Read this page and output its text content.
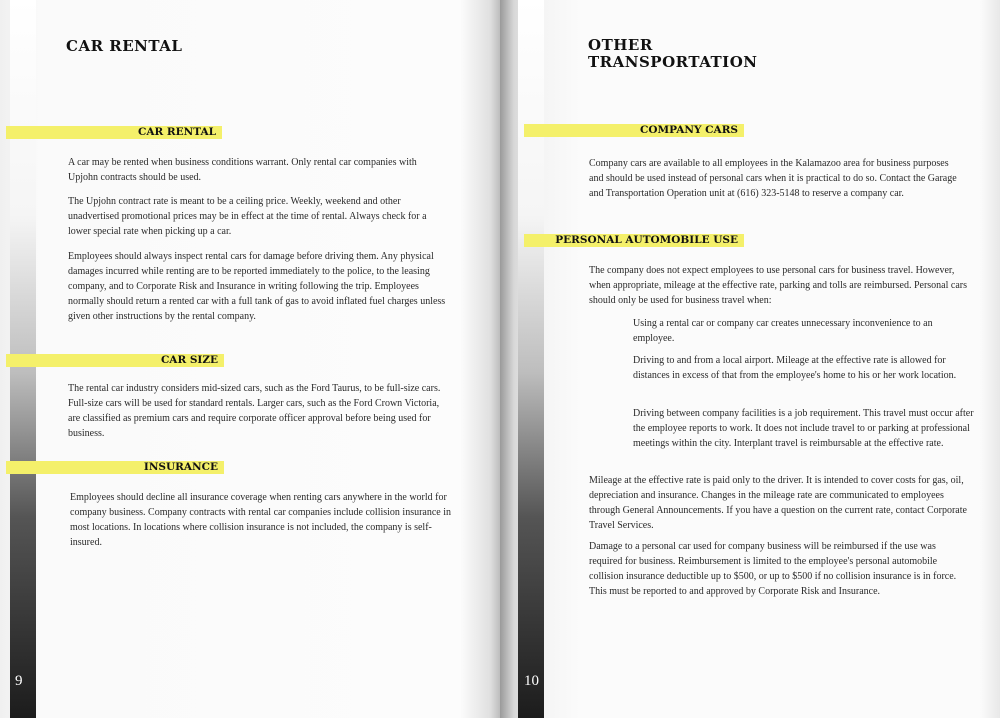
9
CAR RENTAL
CAR RENTAL

A car may be rented when business conditions warrant. Only rental car companies with Upjohn contracts should be used.

The Upjohn contract rate is meant to be a ceiling price. Weekly, weekend and other unadvertised promotional prices may be in effect at the time of rental. Always check for a lower special rate when picking up a car.

Employees should always inspect rental cars for damage before driving them. Any physical damages incurred while renting are to be reported immediately to the police, to the leasing company, and to Corporate Risk and Insurance in writing following the trip. Employees normally should return a rented car with a full tank of gas to avoid inflated fuel charges unless given other instructions by the rental company.

CAR SIZE

The rental car industry considers mid-sized cars, such as the Ford Taurus, to be full-size cars. Full-size cars will be used for standard rentals. Larger cars, such as the Ford Crown Victoria, are classified as premium cars and require corporate officer approval before being used for business.

INSURANCE

Employees should decline all insurance coverage when renting cars anywhere in the world for company business. Company contracts with rental car companies include collision insurance in most locations. In locations where collision insurance is not included, the company is self-insured.

10
OTHER
TRANSPORTATION
COMPANY CARS

Company cars are available to all employees in the Kalamazoo area for business purposes and should be used instead of personal cars when it is practical to do so. Contact the Garage and Transportation Operation unit at (616) 323-5148 to reserve a company car.

PERSONAL AUTOMOBILE USE

The company does not expect employees to use personal cars for business travel. However, when appropriate, mileage at the effective rate, parking and tolls are reimbursed. Personal cars should only be used for business travel when:

Using a rental car or company car creates unnecessary inconvenience to an employee.

Driving to and from a local airport. Mileage at the effective rate is allowed for distances in excess of that from the employee's home to his or her work location.

Driving between company facilities is a job requirement. This travel must occur after the employee reports to work. It does not include travel to or parking at professional meetings within the city. Interplant travel is reimbursable at the effective rate.

Mileage at the effective rate is paid only to the driver. It is intended to cover costs for gas, oil, depreciation and insurance. Changes in the mileage rate are communicated to employees through General Announcements. If you have a question on the current rate, contact Corporate Travel Services.

Damage to a personal car used for company business will be reimbursed if the use was required for business. Reimbursement is limited to the employee's personal automobile collision insurance deductible up to $500, or up to $500 if no collision insurance is in force. This must be reported to and approved by Corporate Risk and Insurance.
